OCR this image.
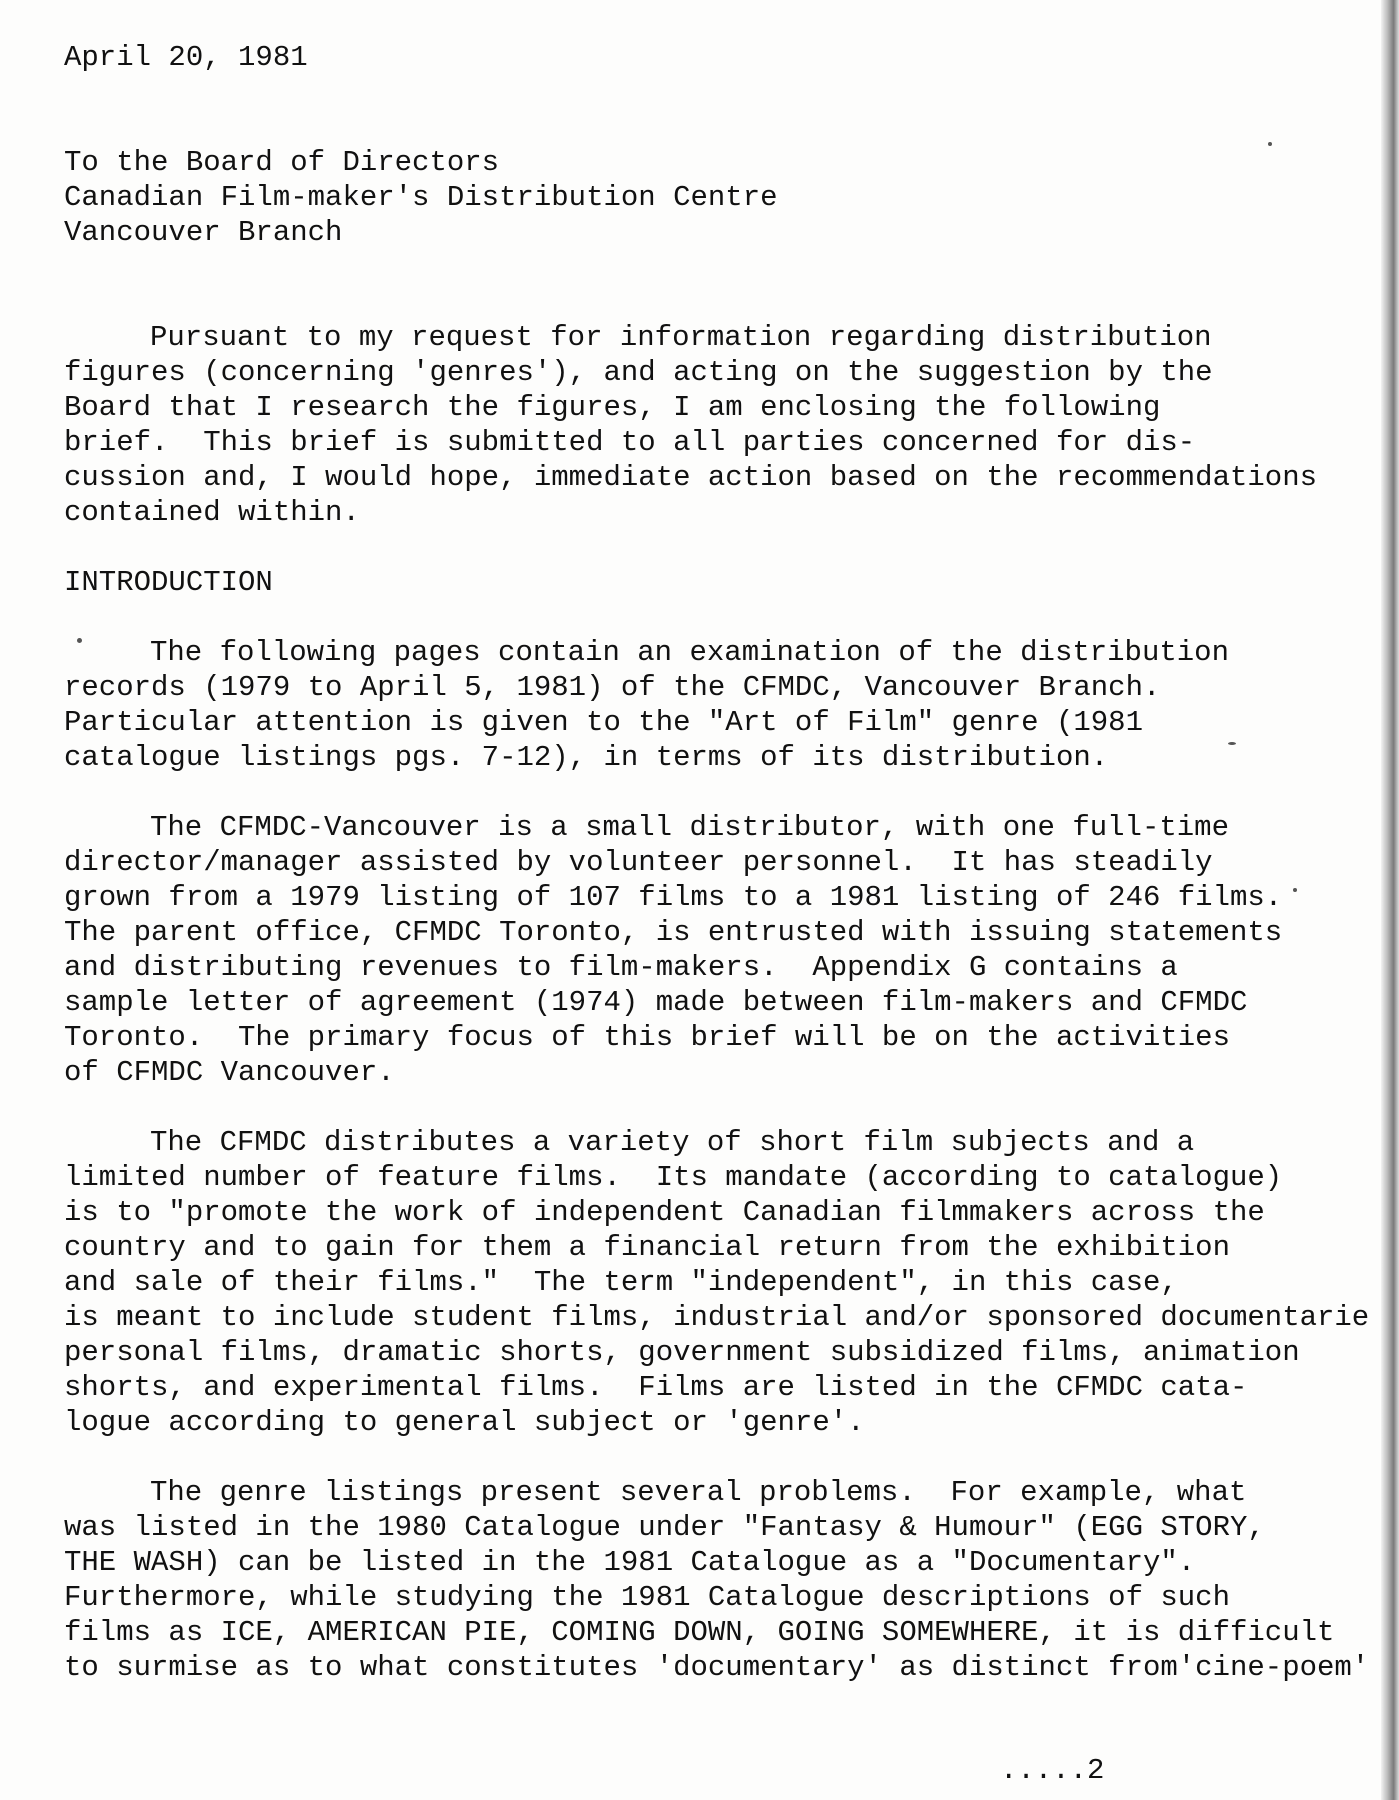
April 20, 1981
To the Board of Directors
Canadian Film-maker's Distribution Centre
Vancouver Branch
Pursuant to my request for information regarding distribution
figures (concerning 'genres'), and acting on the suggestion by the
Board that I research the figures, I am enclosing the following
brief.  This brief is submitted to all parties concerned for dis-
cussion and, I would hope, immediate action based on the recommendations
contained within.
INTRODUCTION
The following pages contain an examination of the distribution
records (1979 to April 5, 1981) of the CFMDC, Vancouver Branch.
Particular attention is given to the "Art of Film" genre (1981
catalogue listings pgs. 7-12), in terms of its distribution.
The CFMDC-Vancouver is a small distributor, with one full-time
director/manager assisted by volunteer personnel.  It has steadily
grown from a 1979 listing of 107 films to a 1981 listing of 246 films.
The parent office, CFMDC Toronto, is entrusted with issuing statements
and distributing revenues to film-makers.  Appendix G contains a
sample letter of agreement (1974) made between film-makers and CFMDC
Toronto.  The primary focus of this brief will be on the activities
of CFMDC Vancouver.
The CFMDC distributes a variety of short film subjects and a
limited number of feature films.  Its mandate (according to catalogue)
is to "promote the work of independent Canadian filmmakers across the
country and to gain for them a financial return from the exhibition
and sale of their films."  The term "independent", in this case,
is meant to include student films, industrial and/or sponsored documentarie
personal films, dramatic shorts, government subsidized films, animation
shorts, and experimental films.  Films are listed in the CFMDC cata-
logue according to general subject or 'genre'.
The genre listings present several problems.  For example, what
was listed in the 1980 Catalogue under "Fantasy & Humour" (EGG STORY,
THE WASH) can be listed in the 1981 Catalogue as a "Documentary".
Furthermore, while studying the 1981 Catalogue descriptions of such
films as ICE, AMERICAN PIE, COMING DOWN, GOING SOMEWHERE, it is difficult
to surmise as to what constitutes 'documentary' as distinct from'cine-poem'
.....2
